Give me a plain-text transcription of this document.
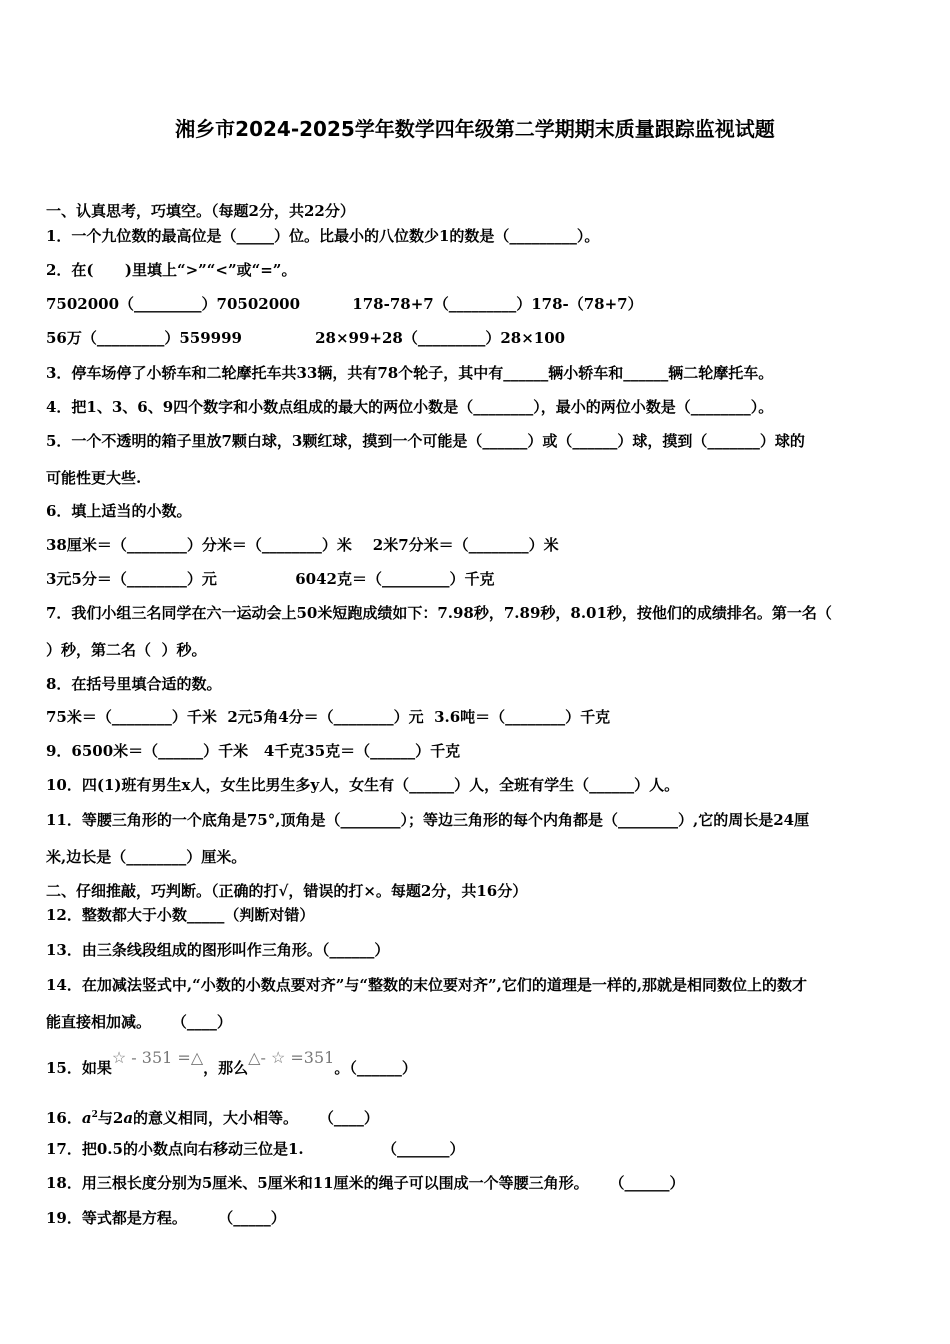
湘乡市2024-2025学年数学四年级第二学期期末质量跟踪监视试题
一、认真思考，巧填空。（每题2分，共22分）
1．一个九位数的最高位是（_____）位。比最小的八位数少1的数是（_________）。
2．在(      )里填上“>”“<”或“=”。
7502000（_________）70502000          178-78+7（_________）178-（78+7）
56万（_________）559999              28×99+28（_________）28×100
3．停车场停了小轿车和二轮摩托车共33辆，共有78个轮子，其中有______辆小轿车和______辆二轮摩托车。
4．把1、3、6、9四个数字和小数点组成的最大的两位小数是（________），最小的两位小数是（________）。
5．一个不透明的箱子里放7颗白球，3颗红球，摸到一个可能是（______）或（______）球，摸到（_______）球的
可能性更大些.
6．填上适当的小数。
38厘米＝（________）分米＝（________）米    2米7分米＝（________）米
3元5分＝（________）元               6042克＝（_________）千克
7．我们小组三名同学在六一运动会上50米短跑成绩如下：7.98秒，7.89秒，8.01秒，按他们的成绩排名。第一名（
）秒，第二名（  ）秒。
8．在括号里填合适的数。
75米＝（________）千米  2元5角4分＝（________）元  3.6吨＝（________）千克
9．6500米＝（______）千米   4千克35克＝（______）千克
10．四(1)班有男生x人，女生比男生多y人，女生有（______）人，全班有学生（______）人。
11．等腰三角形的一个底角是75°,顶角是（________）；等边三角形的每个内角都是（________）,它的周长是24厘
米,边长是（________）厘米。
二、仔细推敲，巧判断。（正确的打√，错误的打×。每题2分，共16分）
12．整数都大于小数_____（判断对错）
13．由三条线段组成的图形叫作三角形。（______）
14．在加减法竖式中,“小数的小数点要对齐”与“整数的末位要对齐”,它们的道理是一样的,那就是相同数位上的数才
能直接相加减。    （____）
15．如果☆ - 351 =△，那么△- ☆ =351。（______）
16．$a^2$与2a的意义相同，大小相等。    （____）
17．把0.5的小数点向右移动三位是1.               （_______）
18．用三根长度分别为5厘米、5厘米和11厘米的绳子可以围成一个等腰三角形。    （______）
19．等式都是方程。      （_____）
